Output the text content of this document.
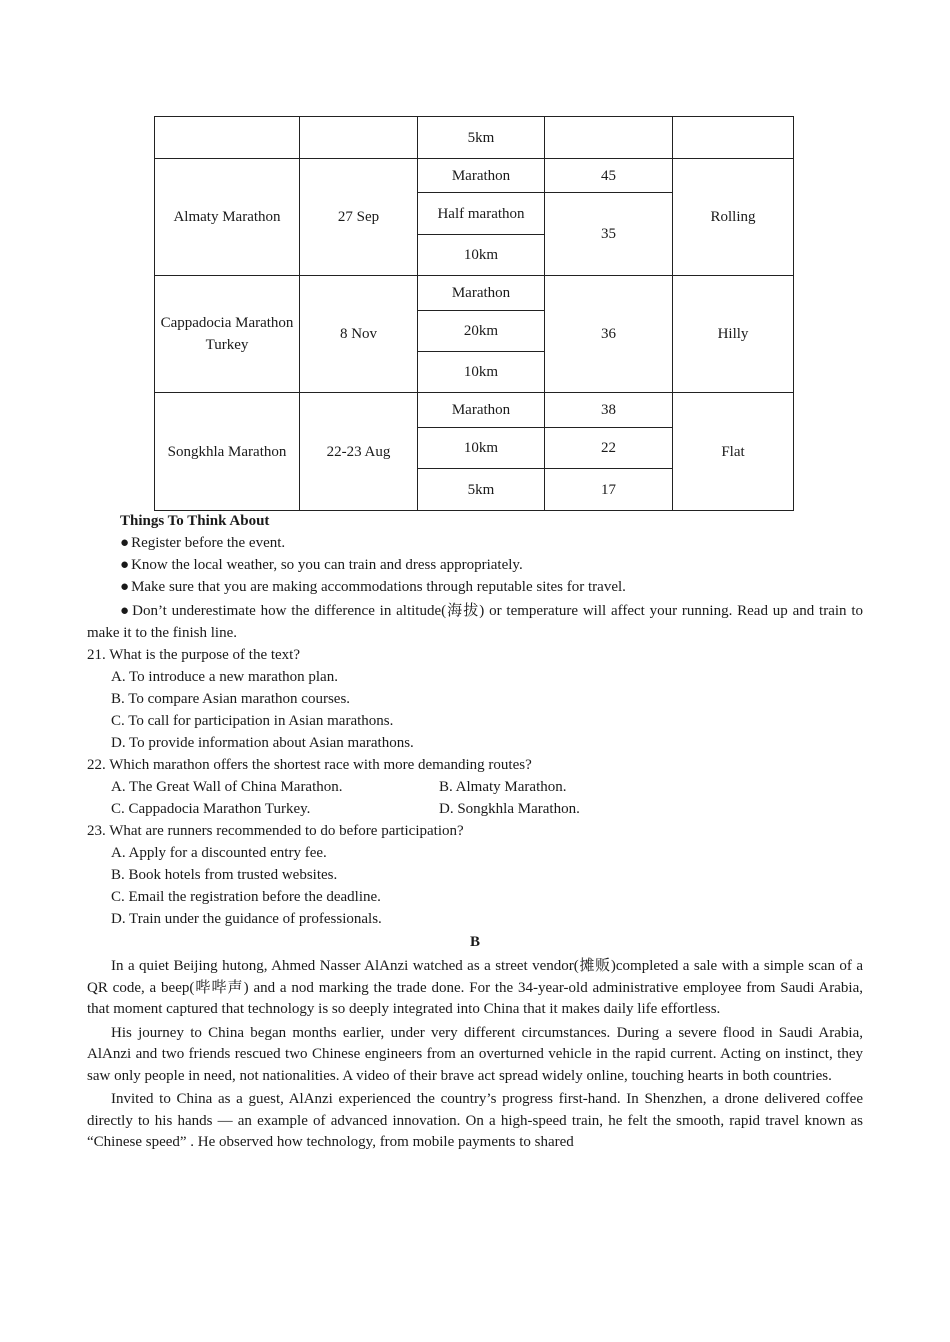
		5km		
Almaty Marathon	27 Sep	Marathon	45	Rolling
		Half marathon	35	
		10km		
Cappadocia Marathon Turkey	8 Nov	Marathon	36	Hilly
		20km		
		10km		
Songkhla Marathon	22-23 Aug	Marathon	38	Flat
		10km	22	
		5km	17	

Things To Think About

● Register before the event.

● Know the local weather, so you can train and dress appropriately.

● Make sure that you are making accommodations through reputable sites for travel.

● Don’t underestimate how the difference in altitude(海拔) or temperature will affect your running. Read up and train to make it to the finish line.

21. What is the purpose of the text?

A. To introduce a new marathon plan.

B. To compare Asian marathon courses.

C. To call for participation in Asian marathons.

D. To provide information about Asian marathons.

22. Which marathon offers the shortest race with more demanding routes?

A. The Great Wall of China Marathon.	B. Almaty Marathon.
C. Cappadocia Marathon Turkey.	D. Songkhla Marathon.

23. What are runners recommended to do before participation?

A. Apply for a discounted entry fee.

B. Book hotels from trusted websites.

C. Email the registration before the deadline.

D. Train under the guidance of professionals.

B

In a quiet Beijing hutong, Ahmed Nasser AlAnzi watched as a street vendor(摊贩)completed a sale with a simple scan of a QR code, a beep(哔哔声) and a nod marking the trade done. For the 34-year-old administrative employee from Saudi Arabia, that moment captured that technology is so deeply integrated into China that it makes daily life effortless.

His journey to China began months earlier, under very different circumstances. During a severe flood in Saudi Arabia, AlAnzi and two friends rescued two Chinese engineers from an overturned vehicle in the rapid current. Acting on instinct, they saw only people in need, not nationalities. A video of their brave act spread widely online, touching hearts in both countries.

Invited to China as a guest, AlAnzi experienced the country’s progress first-hand. In Shenzhen, a drone delivered coffee directly to his hands — an example of advanced innovation. On a high-speed train, he felt the smooth, rapid travel known as “Chinese speed” . He observed how technology, from mobile payments to shared
